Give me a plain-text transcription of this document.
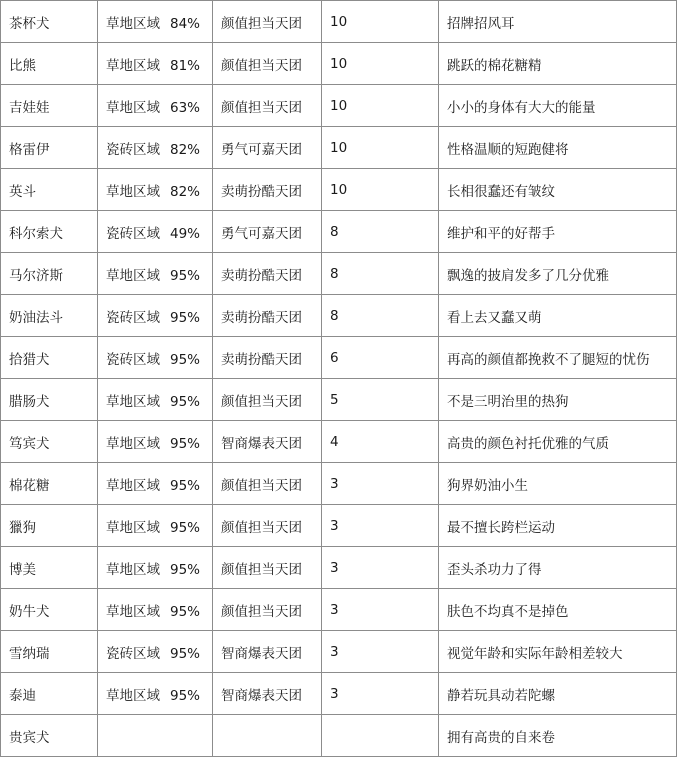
茶杯犬	草地区域 84%	颜值担当天团	10	招牌招风耳
比熊	草地区域 81%	颜值担当天团	10	跳跃的棉花糖精
吉娃娃	草地区域 63%	颜值担当天团	10	小小的身体有大大的能量
格雷伊	瓷砖区域 82%	勇气可嘉天团	10	性格温顺的短跑健将
英斗	草地区域 82%	卖萌扮酷天团	10	长相很蠢还有皱纹
科尔索犬	瓷砖区域 49%	勇气可嘉天团	8	维护和平的好帮手
马尔济斯	草地区域 95%	卖萌扮酷天团	8	飘逸的披肩发多了几分优雅
奶油法斗	瓷砖区域 95%	卖萌扮酷天团	8	看上去又蠢又萌
拾猎犬	瓷砖区域 95%	卖萌扮酷天团	6	再高的颜值都挽救不了腿短的忧伤
腊肠犬	草地区域 95%	颜值担当天团	5	不是三明治里的热狗
笃宾犬	草地区域 95%	智商爆表天团	4	高贵的颜色衬托优雅的气质
棉花糖	草地区域 95%	颜值担当天团	3	狗界奶油小生
獵狗	草地区域 95%	颜值担当天团	3	最不擅长跨栏运动
博美	草地区域 95%	颜值担当天团	3	歪头杀功力了得
奶牛犬	草地区域 95%	颜值担当天团	3	肤色不均真不是掉色
雪纳瑞	瓷砖区域 95%	智商爆表天团	3	视觉年龄和实际年龄相差较大
泰迪	草地区域 95%	智商爆表天团	3	静若玩具动若陀螺
贵宾犬				拥有高贵的自来卷
